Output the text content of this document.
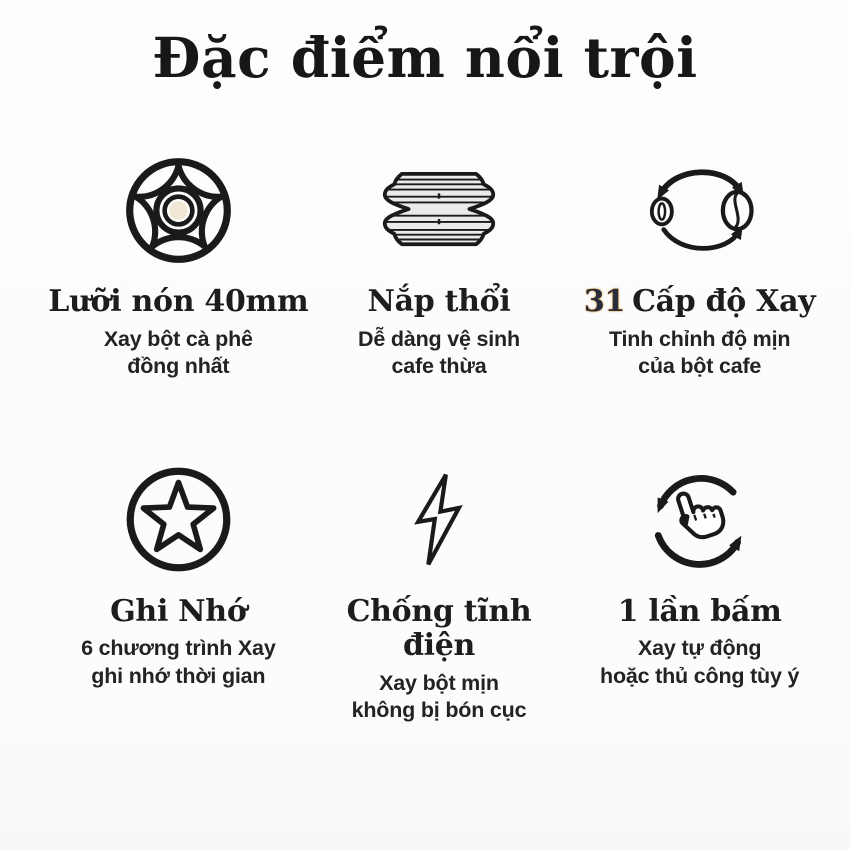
Đặc điểm nổi trội
Lưỡi nón 40mm

Xay bột cà phê
đồng nhất

Nắp thổi

Dễ dàng vệ sinh
cafe thừa

31 Cấp độ Xay

Tinh chỉnh độ mịn
của bột cafe

Ghi Nhớ

6 chương trình Xay
ghi nhớ thời gian

Chống tĩnh điện

Xay bột mịn
không bị bón cục

1 lần bấm

Xay tự động
hoặc thủ công tùy ý
